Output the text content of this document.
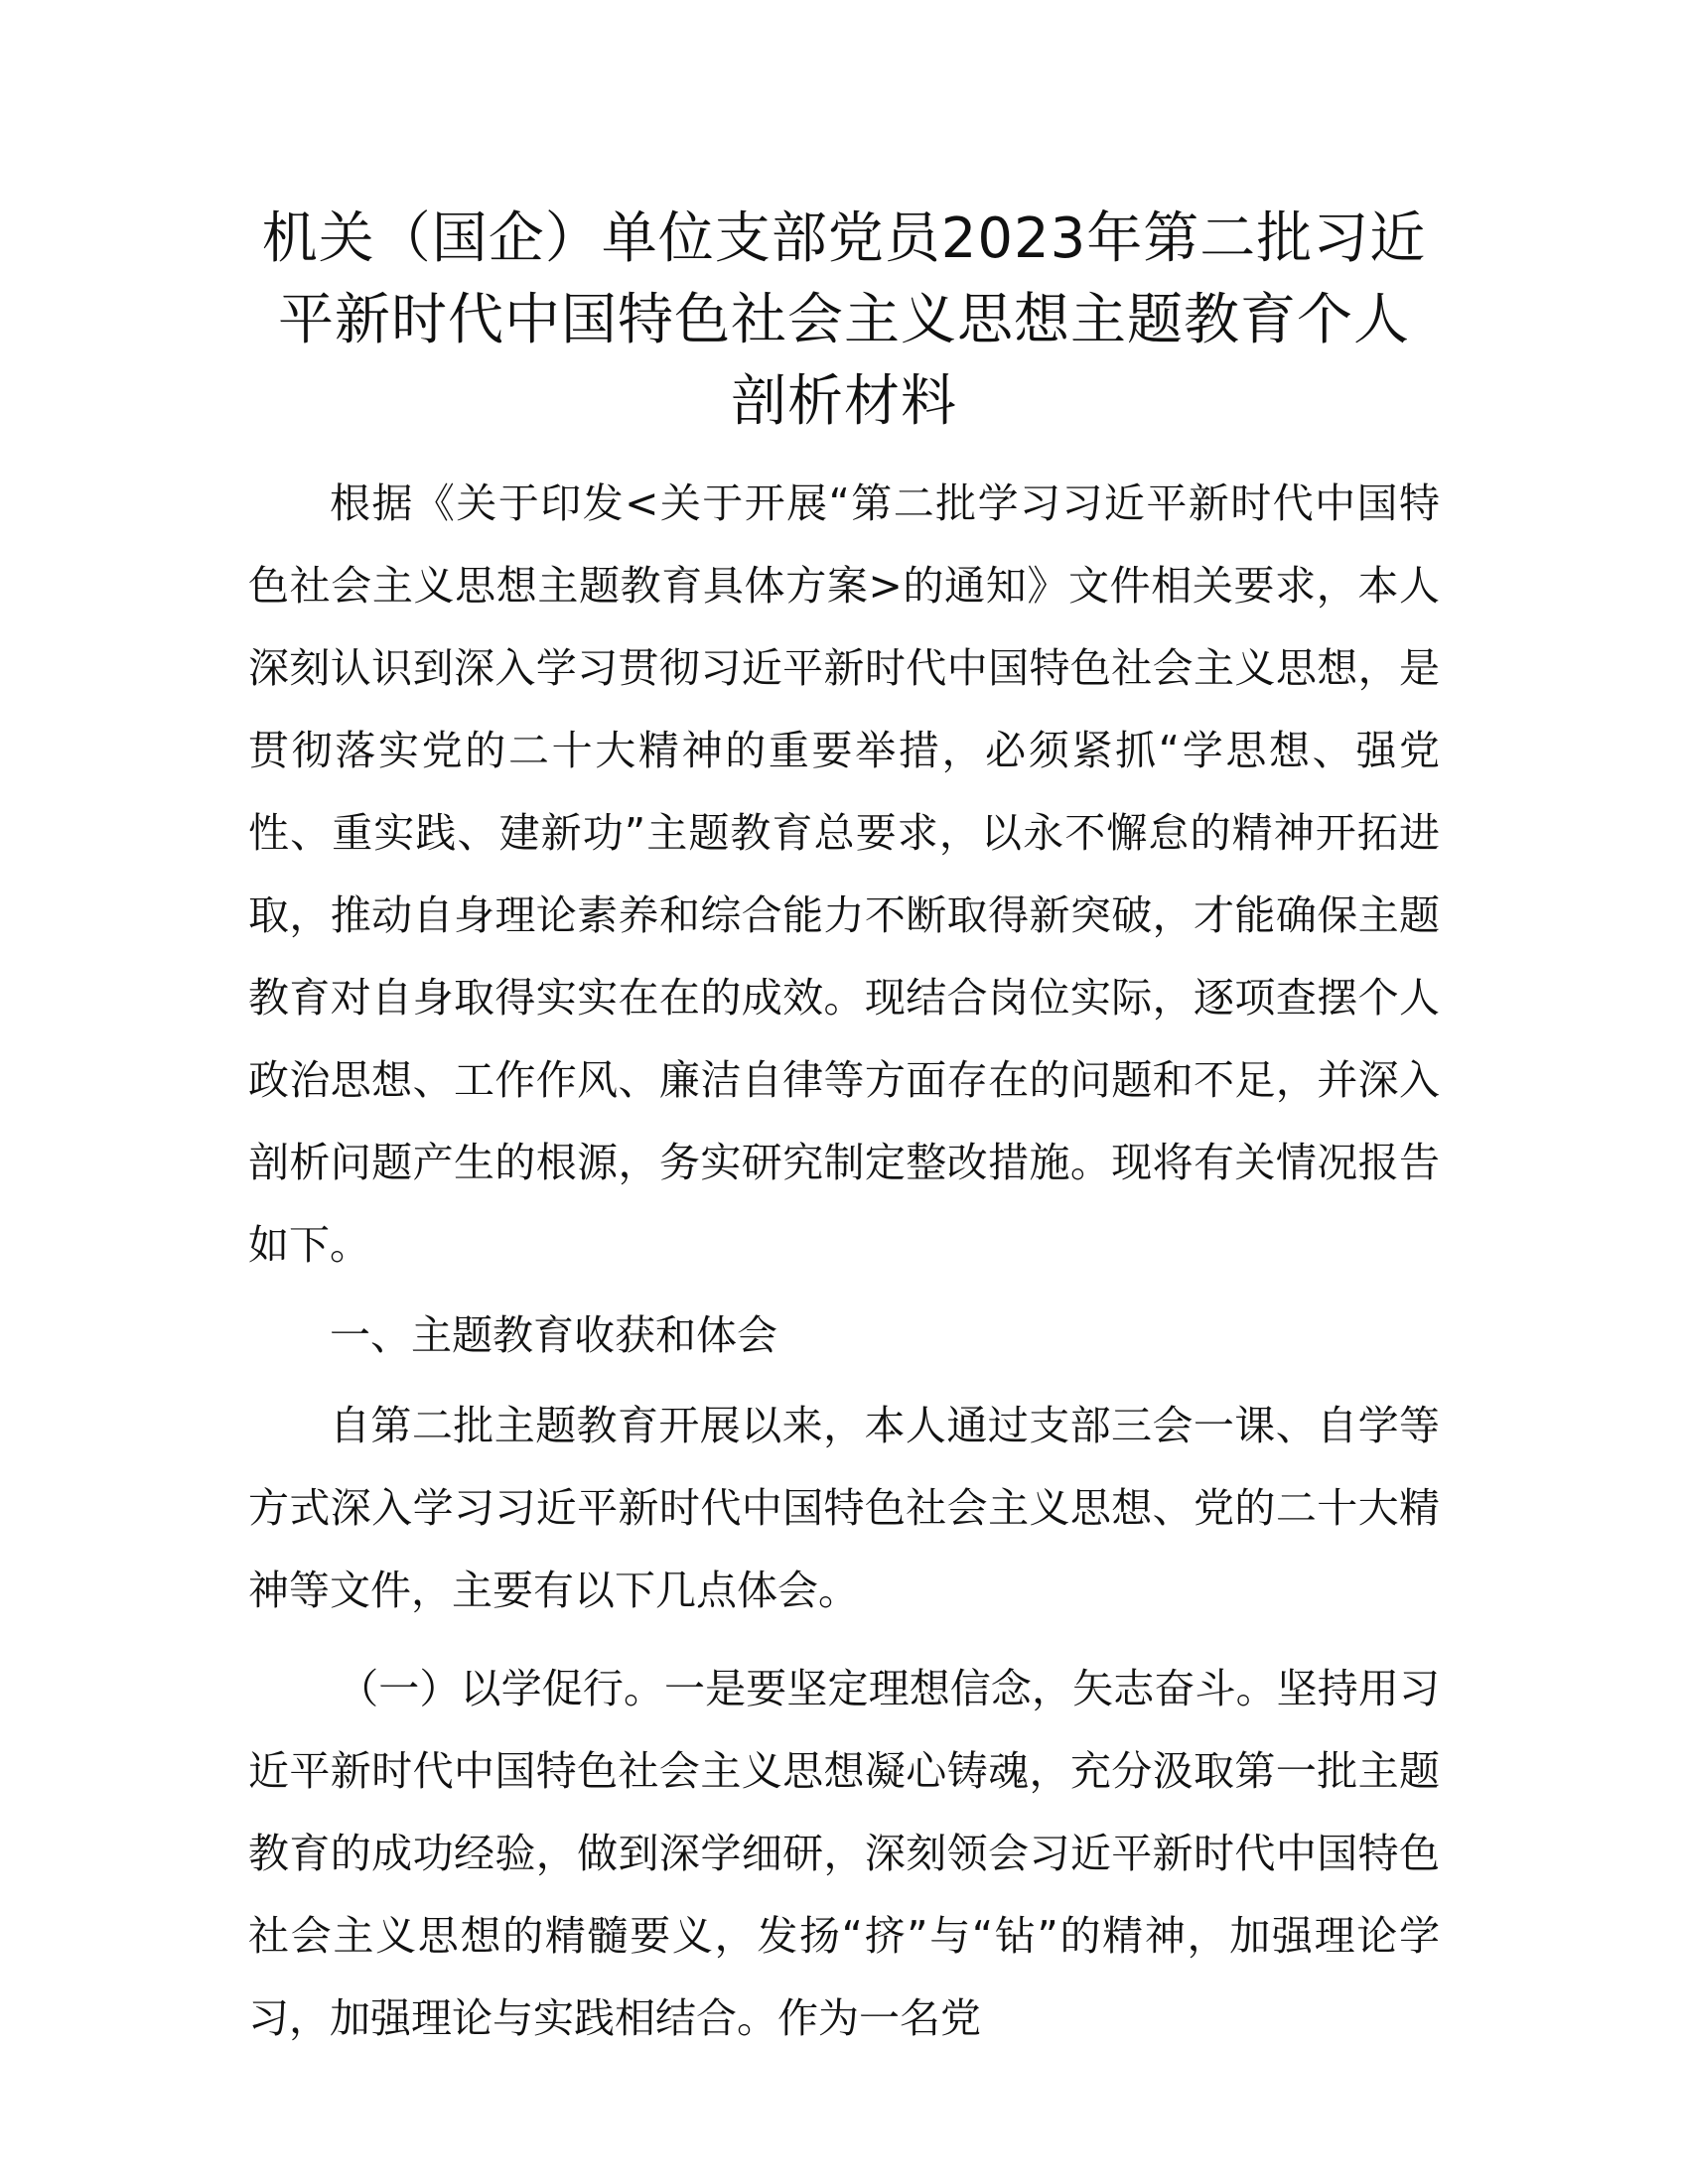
机关（国企）单位支部党员2023年第二批习近
平新时代中国特色社会主义思想主题教育个人
剖析材料

根据《关于印发<关于开展“第二批学习习近平新时代中国特色社会主义思想主题教育具体方案>的通知》文件相关要求，本人深刻认识到深入学习贯彻习近平新时代中国特色社会主义思想，是贯彻落实党的二十大精神的重要举措，必须紧抓“学思想、强党性、重实践、建新功”主题教育总要求，以永不懈怠的精神开拓进取，推动自身理论素养和综合能力不断取得新突破，才能确保主题教育对自身取得实实在在的成效。现结合岗位实际，逐项查摆个人政治思想、工作作风、廉洁自律等方面存在的问题和不足，并深入剖析问题产生的根源，务实研究制定整改措施。现将有关情况报告如下。

一、主题教育收获和体会

自第二批主题教育开展以来，本人通过支部三会一课、自学等方式深入学习习近平新时代中国特色社会主义思想、党的二十大精神等文件，主要有以下几点体会。

（一）以学促行。一是要坚定理想信念，矢志奋斗。坚持用习近平新时代中国特色社会主义思想凝心铸魂，充分汲取第一批主题教育的成功经验，做到深学细研，深刻领会习近平新时代中国特色社会主义思想的精髓要义，发扬“挤”与“钻”的精神，加强理论学习，加强理论与实践相结合。作为一名党
